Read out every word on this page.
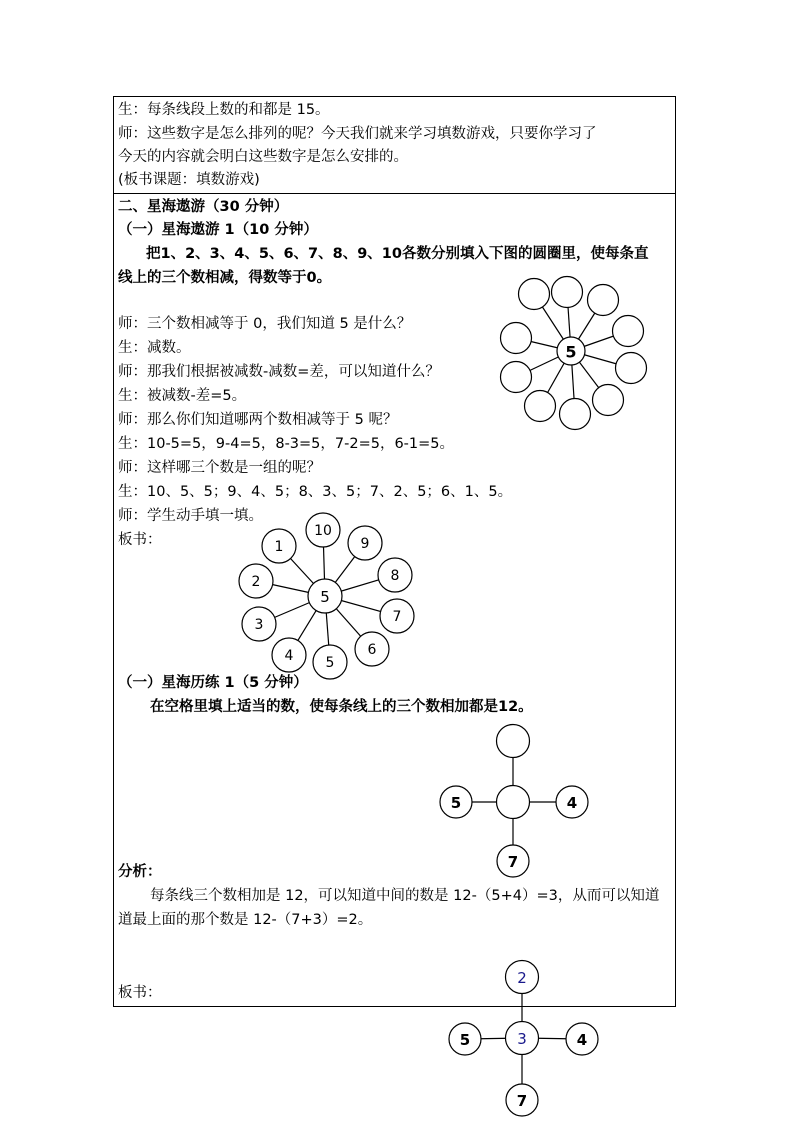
生：每条线段上数的和都是 15。
师：这些数字是怎么排列的呢？今天我们就来学习填数游戏，只要你学习了
今天的内容就会明白这些数字是怎么安排的。
(板书课题：填数游戏)
二、星海遨游（30 分钟）
（一）星海遨游 1（10 分钟）
把1、2、3、4、5、6、7、8、9、10各数分别填入下图的圆圈里，使每条直
线上的三个数相减，得数等于0。
师：三个数相减等于 0，我们知道 5 是什么？
生：减数。
师：那我们根据被减数-减数=差，可以知道什么？
生：被减数-差=5。
师：那么你们知道哪两个数相减等于 5 呢？
生：10-5=5，9-4=5，8-3=5，7-2=5，6-1=5。
师：这样哪三个数是一组的呢？
生：10、5、5；9、4、5；8、3、5；7、2、5；6、1、5。
师：学生动手填一填。
板书：
（一）星海历练 1（5 分钟）
在空格里填上适当的数，使每条线上的三个数相加都是12。
分析：
每条线三个数相加是 12，可以知道中间的数是 12-（5+4）=3，从而可以知道
道最上面的那个数是 12-（7+3）=2。
板书：
5
10
9
8
7
6
5
4
3
2
1
5
5	4
7
2
5	4
7
3
